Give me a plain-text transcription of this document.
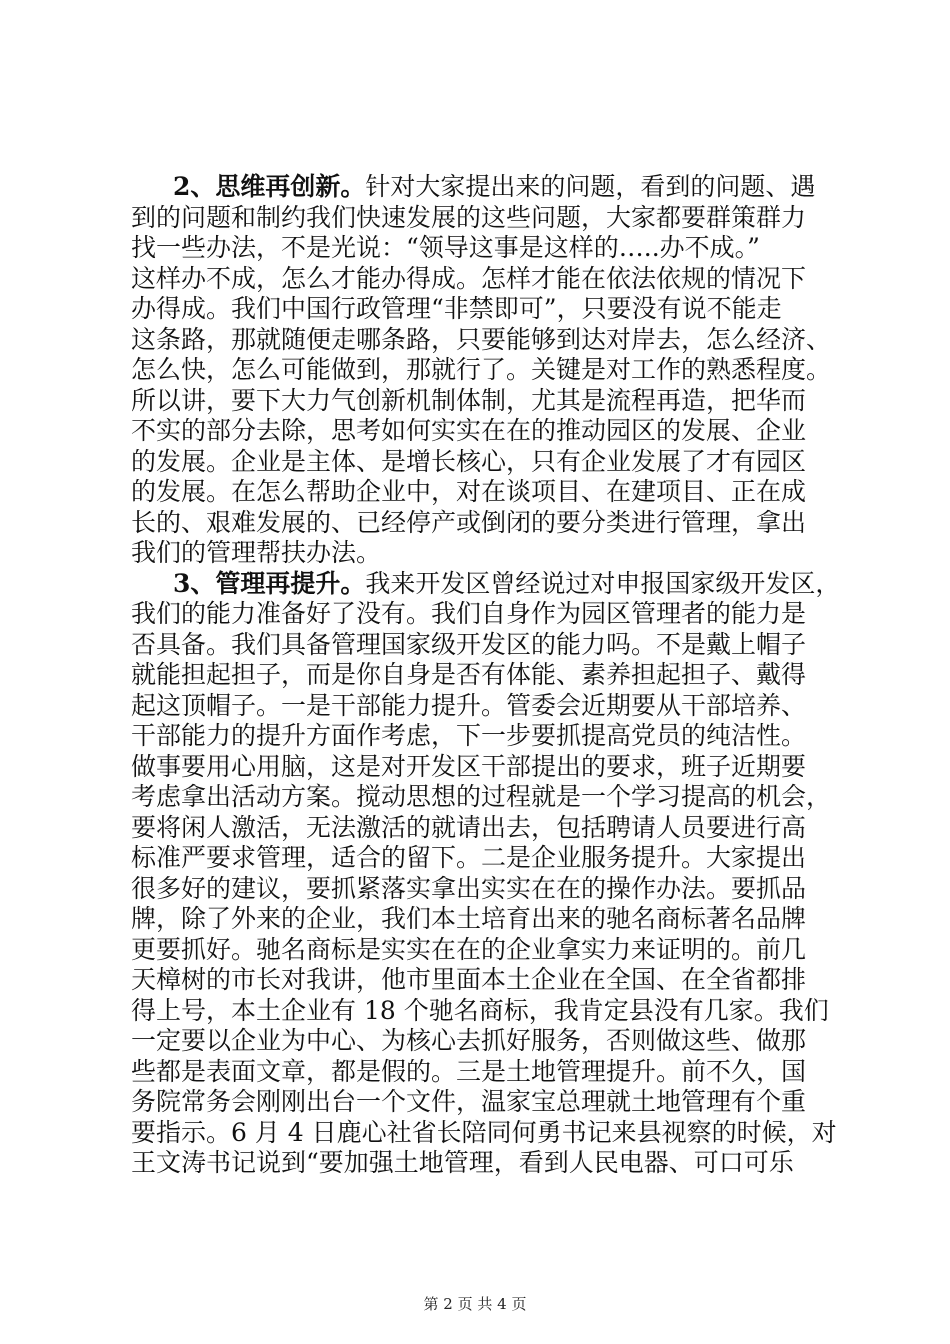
2、思维再创新。针对大家提出来的问题，看到的问题、遇
到的问题和制约我们快速发展的这些问题，大家都要群策群力
找一些办法，不是光说：“领导这事是这样的…..办不成。”
这样办不成，怎么才能办得成。怎样才能在依法依规的情况下
办得成。我们中国行政管理“非禁即可”，只要没有说不能走
这条路，那就随便走哪条路，只要能够到达对岸去，怎么经济、
怎么快，怎么可能做到，那就行了。关键是对工作的熟悉程度。
所以讲，要下大力气创新机制体制，尤其是流程再造，把华而
不实的部分去除，思考如何实实在在的推动园区的发展、企业
的发展。企业是主体、是增长核心，只有企业发展了才有园区
的发展。在怎么帮助企业中，对在谈项目、在建项目、正在成
长的、艰难发展的、已经停产或倒闭的要分类进行管理，拿出
我们的管理帮扶办法。
3、管理再提升。我来开发区曾经说过对申报国家级开发区，
我们的能力准备好了没有。我们自身作为园区管理者的能力是
否具备。我们具备管理国家级开发区的能力吗。不是戴上帽子
就能担起担子，而是你自身是否有体能、素养担起担子、戴得
起这顶帽子。一是干部能力提升。管委会近期要从干部培养、
干部能力的提升方面作考虑，下一步要抓提高党员的纯洁性。
做事要用心用脑，这是对开发区干部提出的要求，班子近期要
考虑拿出活动方案。搅动思想的过程就是一个学习提高的机会，
要将闲人激活，无法激活的就请出去，包括聘请人员要进行高
标准严要求管理，适合的留下。二是企业服务提升。大家提出
很多好的建议，要抓紧落实拿出实实在在的操作办法。要抓品
牌，除了外来的企业，我们本土培育出来的驰名商标著名品牌
更要抓好。驰名商标是实实在在的企业拿实力来证明的。前几
天樟树的市长对我讲，他市里面本土企业在全国、在全省都排
得上号，本土企业有 18 个驰名商标，我肯定县没有几家。我们
一定要以企业为中心、为核心去抓好服务，否则做这些、做那
些都是表面文章，都是假的。三是土地管理提升。前不久，国
务院常务会刚刚出台一个文件，温家宝总理就土地管理有个重
要指示。6 月 4 日鹿心社省长陪同何勇书记来县视察的时候，对
王文涛书记说到“要加强土地管理，看到人民电器、可口可乐
第 2 页 共 4 页
